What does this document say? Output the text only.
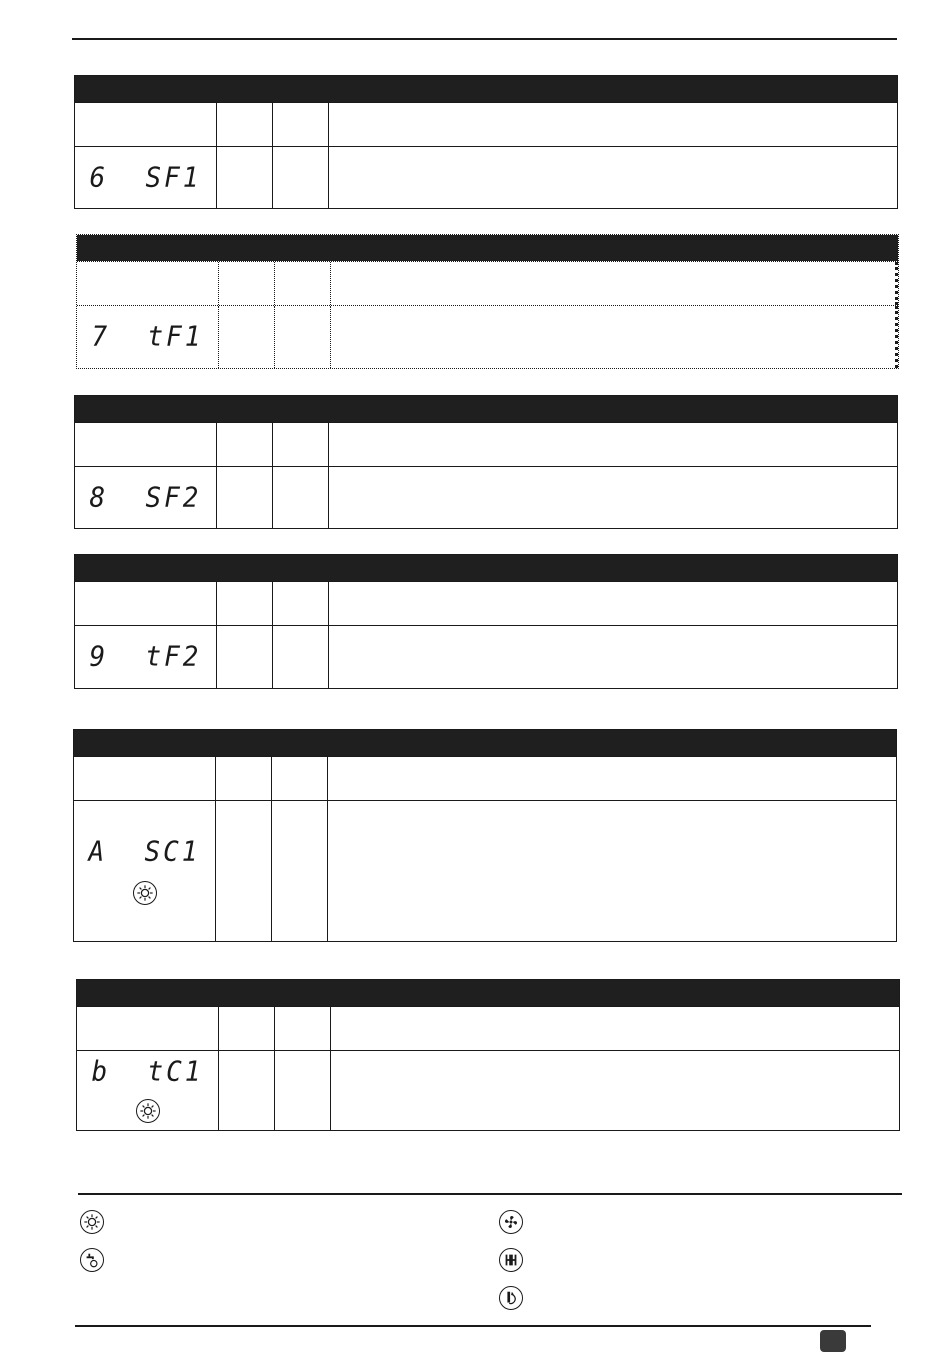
6 SF1
7 tF1
8 SF2
9 tF2
A SC1
b tC1
